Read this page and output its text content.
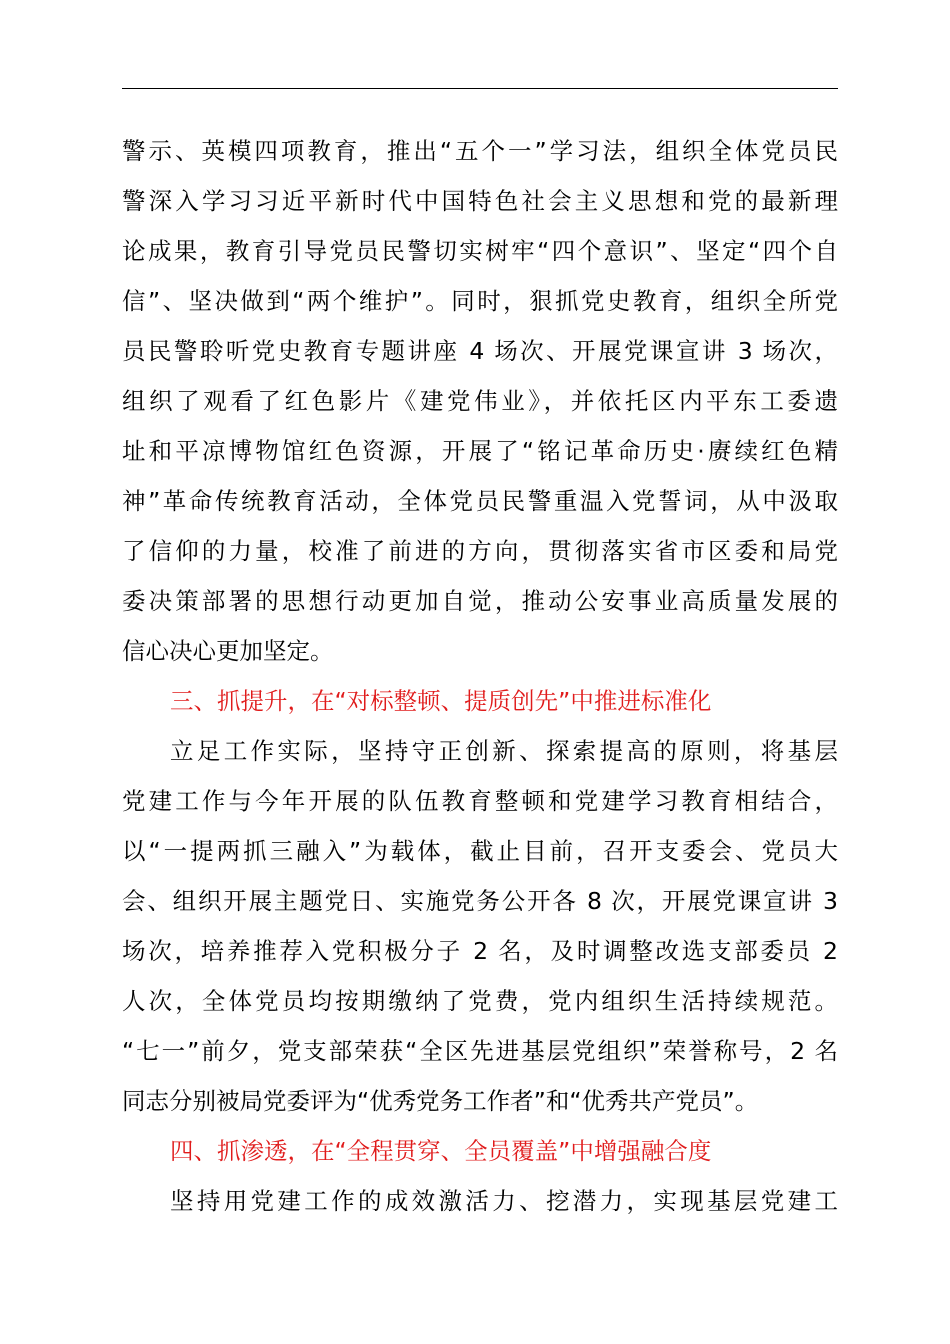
警示、英模四项教育，推出“五个一”学习法，组织全体党员民
警深入学习习近平新时代中国特色社会主义思想和党的最新理
论成果，教育引导党员民警切实树牢“四个意识”、坚定“四个自
信”、坚决做到“两个维护”。同时，狠抓党史教育，组织全所党
员民警聆听党史教育专题讲座 4 场次、开展党课宣讲 3 场次，
组织了观看了红色影片《建党伟业》，并依托区内平东工委遗
址和平凉博物馆红色资源，开展了“铭记革命历史·赓续红色精
神”革命传统教育活动，全体党员民警重温入党誓词，从中汲取
了信仰的力量，校准了前进的方向，贯彻落实省市区委和局党
委决策部署的思想行动更加自觉，推动公安事业高质量发展的
信心决心更加坚定。
三、抓提升，在“对标整顿、提质创先”中推进标准化
立足工作实际，坚持守正创新、探索提高的原则，将基层
党建工作与今年开展的队伍教育整顿和党建学习教育相结合，
以“一提两抓三融入”为载体，截止目前，召开支委会、党员大
会、组织开展主题党日、实施党务公开各 8 次，开展党课宣讲 3
场次，培养推荐入党积极分子 2 名，及时调整改选支部委员 2
人次，全体党员均按期缴纳了党费，党内组织生活持续规范。
“七一”前夕，党支部荣获“全区先进基层党组织”荣誉称号，2 名
同志分别被局党委评为“优秀党务工作者”和“优秀共产党员”。
四、抓渗透，在“全程贯穿、全员覆盖”中增强融合度
坚持用党建工作的成效激活力、挖潜力，实现基层党建工
